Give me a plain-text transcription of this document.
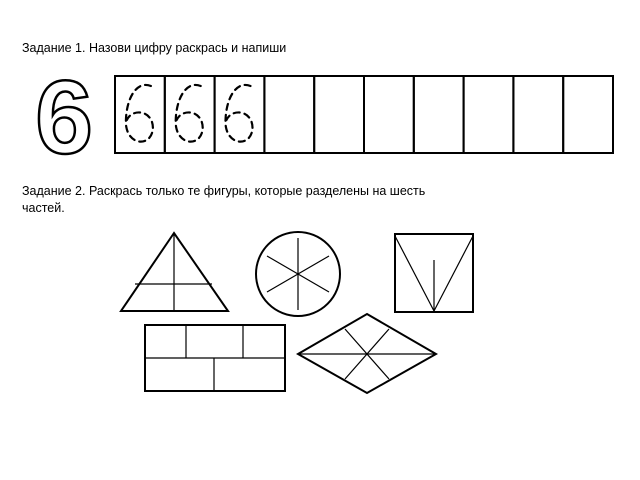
Задание 1. Назови цифру раскрась и напиши
6
Задание 2. Раскрась только те фигуры, которые разделены на шесть частей.
